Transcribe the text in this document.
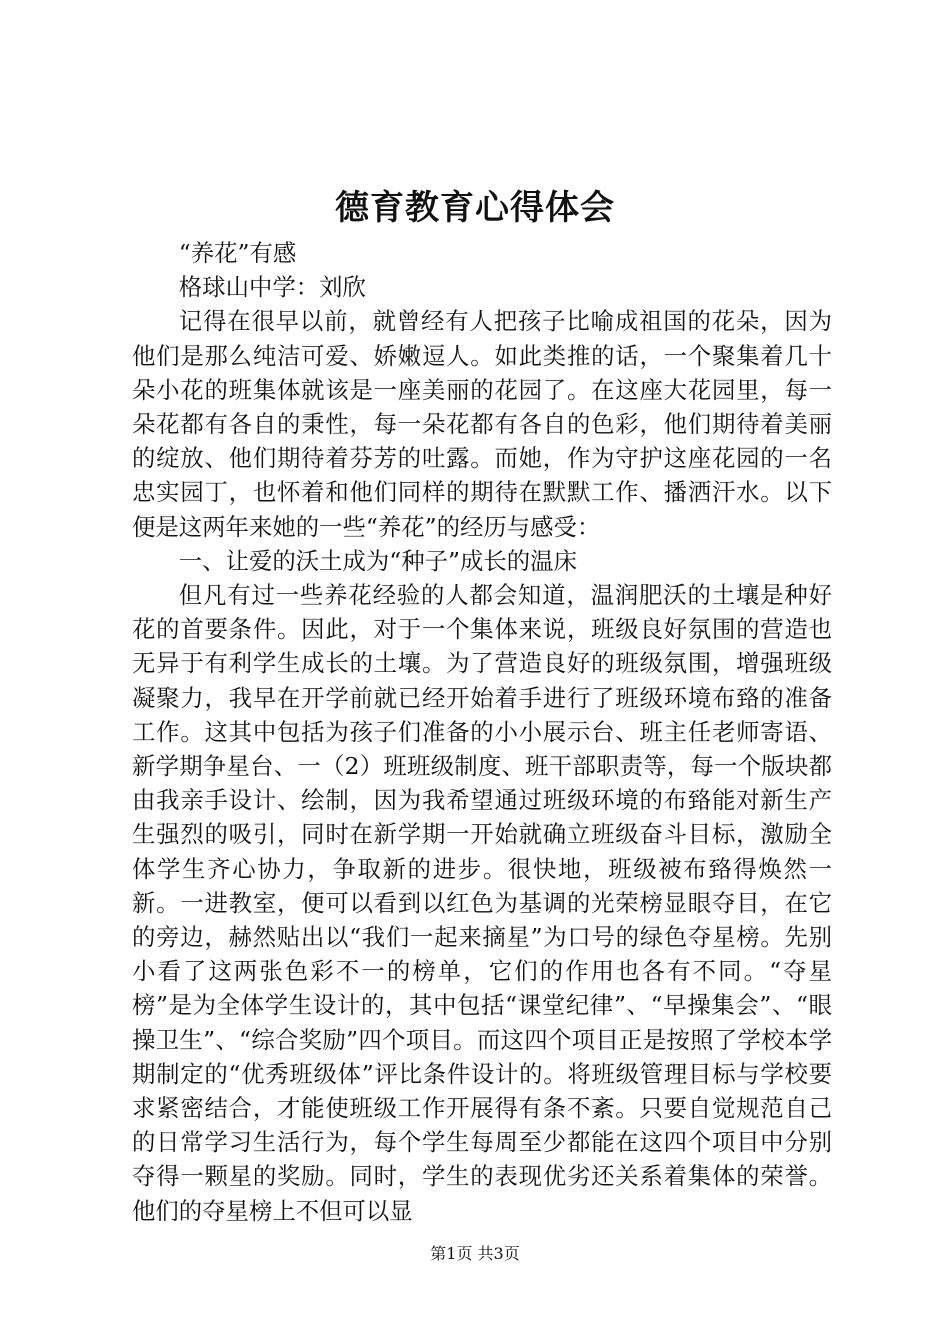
德育教育心得体会

“养花”有感

格球山中学：刘欣

记得在很早以前，就曾经有人把孩子比喻成祖国的花朵，因为他们是那么纯洁可爱、娇嫩逗人。如此类推的话，一个聚集着几十朵小花的班集体就该是一座美丽的花园了。在这座大花园里，每一朵花都有各自的秉性，每一朵花都有各自的色彩，他们期待着美丽的绽放、他们期待着芬芳的吐露。而她，作为守护这座花园的一名忠实园丁，也怀着和他们同样的期待在默默工作、播洒汗水。以下便是这两年来她的一些“养花”的经历与感受：

一、让爱的沃土成为“种子”成长的温床

但凡有过一些养花经验的人都会知道，温润肥沃的土壤是种好花的首要条件。因此，对于一个集体来说，班级良好氛围的营造也无异于有利学生成长的土壤。为了营造良好的班级氛围，增强班级凝聚力，我早在开学前就已经开始着手进行了班级环境布臵的准备工作。这其中包括为孩子们准备的小小展示台、班主任老师寄语、新学期争星台、一（2）班班级制度、班干部职责等，每一个版块都由我亲手设计、绘制，因为我希望通过班级环境的布臵能对新生产生强烈的吸引，同时在新学期一开始就确立班级奋斗目标，激励全体学生齐心协力，争取新的进步。很快地，班级被布臵得焕然一新。一进教室，便可以看到以红色为基调的光荣榜显眼夺目，在它的旁边，赫然贴出以“我们一起来摘星”为口号的绿色夺星榜。先别小看了这两张色彩不一的榜单，它们的作用也各有不同。“夺星榜”是为全体学生设计的，其中包括“课堂纪律”、“早操集会”、“眼操卫生”、“综合奖励”四个项目。而这四个项目正是按照了学校本学期制定的“优秀班级体”评比条件设计的。将班级管理目标与学校要求紧密结合，才能使班级工作开展得有条不紊。只要自觉规范自己的日常学习生活行为，每个学生每周至少都能在这四个项目中分别夺得一颗星的奖励。同时，学生的表现优劣还关系着集体的荣誉。他们的夺星榜上不但可以显

第1页 共3页
